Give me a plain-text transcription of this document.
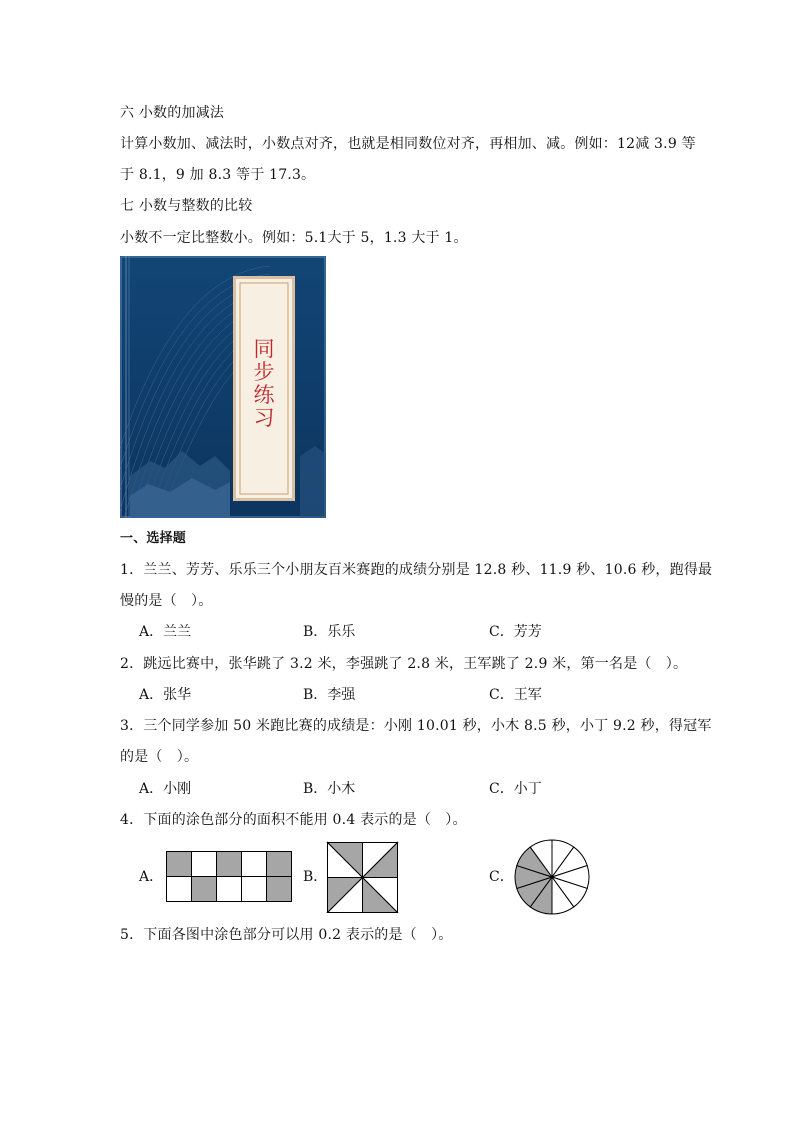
六 小数的加减法
计算小数加、减法时，小数点对齐，也就是相同数位对齐，再相加、减。例如：12减 3.9 等
于 8.1，9 加 8.3 等于 17.3。
七 小数与整数的比较
小数不一定比整数小。例如：5.1大于 5，1.3 大于 1。
同
步
练
习
一、选择题
1．兰兰、芳芳、乐乐三个小朋友百米赛跑的成绩分别是 12.8 秒、11.9 秒、10.6 秒，跑得最
慢的是（　）。
A．兰兰	B．乐乐	C．芳芳
2．跳远比赛中，张华跳了 3.2 米，李强跳了 2.8 米，王军跳了 2.9 米，第一名是（　）。
A．张华	B．李强	C．王军
3．三个同学参加 50 米跑比赛的成绩是：小刚 10.01 秒，小木 8.5 秒，小丁 9.2 秒，得冠军
的是（　）。
A．小刚	B．小木	C．小丁
4．下面的涂色部分的面积不能用 0.4 表示的是（　）。
A．	B．	C．
5．下面各图中涂色部分可以用 0.2 表示的是（　）。
